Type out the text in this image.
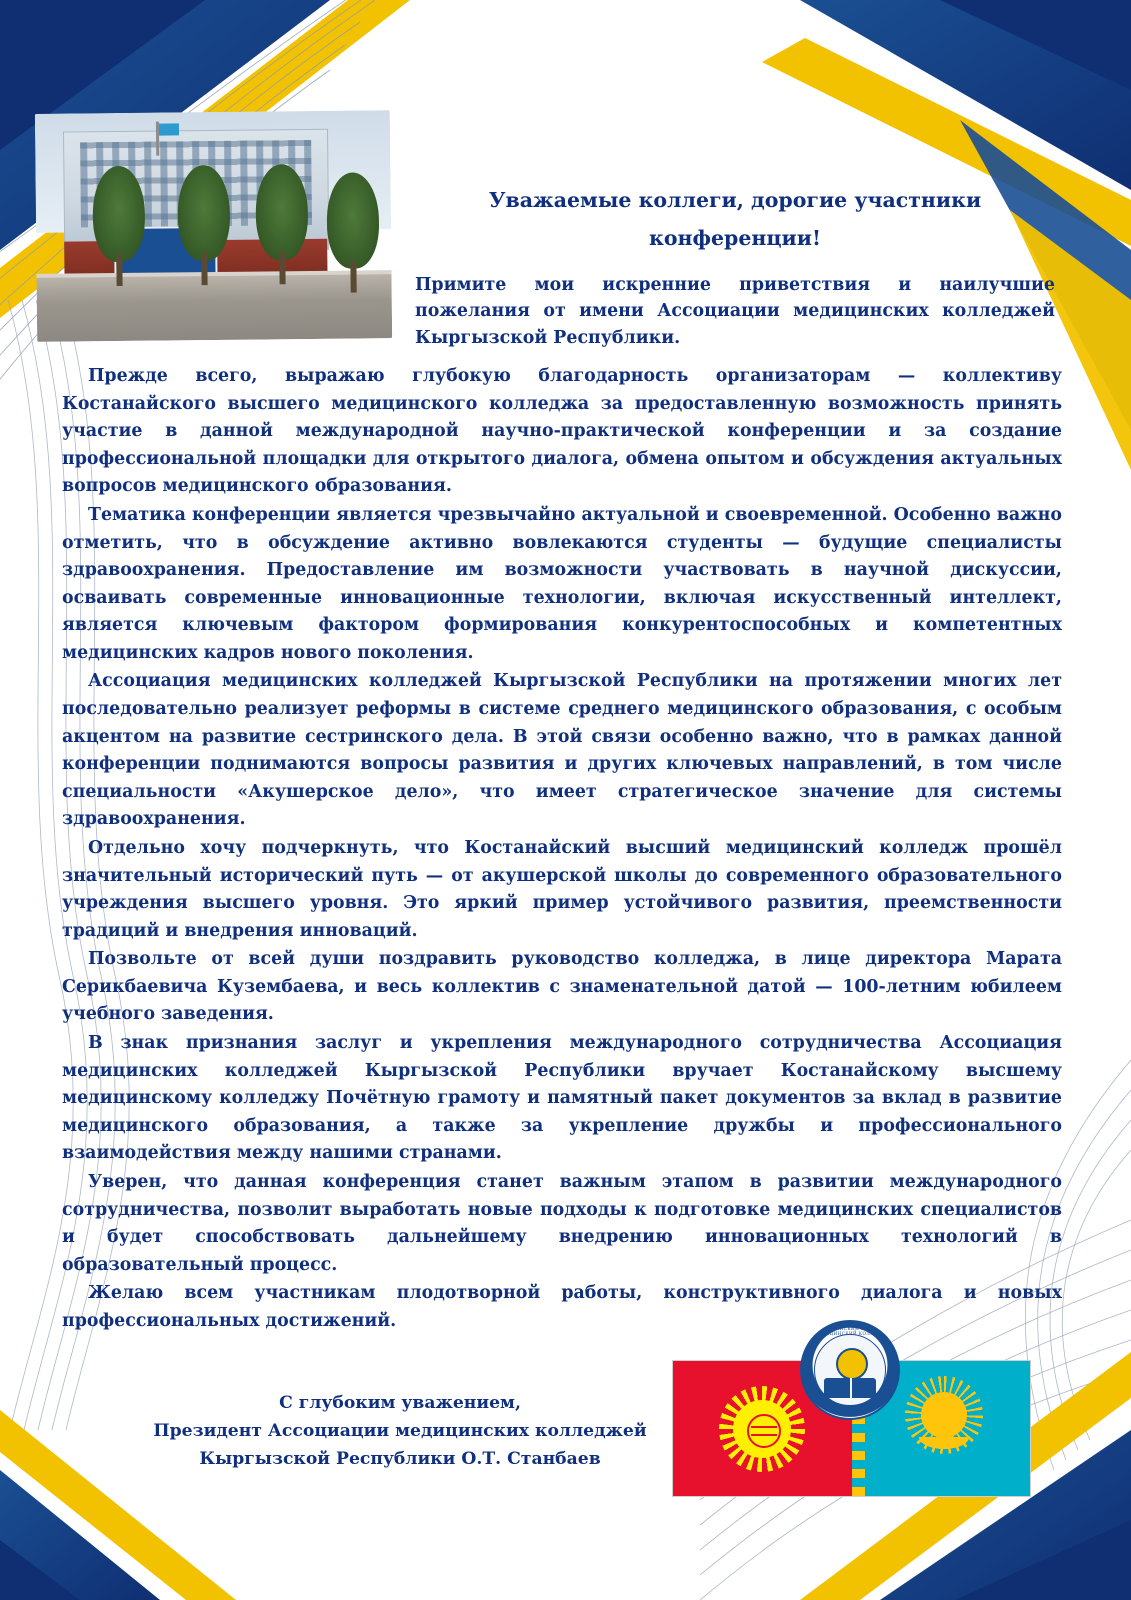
Уважаемые коллеги, дорогие участники
конференции!
Примите мои искренние приветствия и наилучшие пожелания от имени Ассоциации медицинских колледжей Кыргызской Республики.

Прежде всего, выражаю глубокую благодарность организаторам — коллективу Костанайского высшего медицинского колледжа за предоставленную возможность принять участие в данной международной научно-практической конференции и за создание профессиональной площадки для открытого диалога, обмена опытом и обсуждения актуальных вопросов медицинского образования.

Тематика конференции является чрезвычайно актуальной и своевременной. Особенно важно отметить, что в обсуждение активно вовлекаются студенты — будущие специалисты здравоохранения. Предоставление им возможности участвовать в научной дискуссии, осваивать современные инновационные технологии, включая искусственный интеллект, является ключевым фактором формирования конкурентоспособных и компетентных медицинских кадров нового поколения.

Ассоциация медицинских колледжей Кыргызской Республики на протяжении многих лет последовательно реализует реформы в системе среднего медицинского образования, с особым акцентом на развитие сестринского дела. В этой связи особенно важно, что в рамках данной конференции поднимаются вопросы развития и других ключевых направлений, в том числе специальности «Акушерское дело», что имеет стратегическое значение для системы здравоохранения.

Отдельно хочу подчеркнуть, что Костанайский высший медицинский колледж прошёл значительный исторический путь — от акушерской школы до современного образовательного учреждения высшего уровня. Это яркий пример устойчивого развития, преемственности традиций и внедрения инноваций.

Позвольте от всей души поздравить руководство колледжа, в лице директора Марата Серикбаевича Кузембаева, и весь коллектив с знаменательной датой — 100-летним юбилеем учебного заведения.

В знак признания заслуг и укрепления международного сотрудничества Ассоциация медицинских колледжей Кыргызской Республики вручает Костанайскому высшему медицинскому колледжу Почётную грамоту и памятный пакет документов за вклад в развитие медицинского образования, а также за укрепление дружбы и профессионального взаимодействия между нашими странами.

Уверен, что данная конференция станет важным этапом в развитии международного сотрудничества, позволит выработать новые подходы к подготовке медицинских специалистов и будет способствовать дальнейшему внедрению инновационных технологий в образовательный процесс.

Желаю всем участникам плодотворной работы, конструктивного диалога и новых профессиональных достижений.

С глубоким уважением,
Президент Ассоциации медицинских колледжей
Кыргызской Республики О.Т. Станбаев
КОСТАНАЙСКИЙ ВЫСШИЙ МЕДИЦИНСКИЙ КОЛЛЕДЖ
